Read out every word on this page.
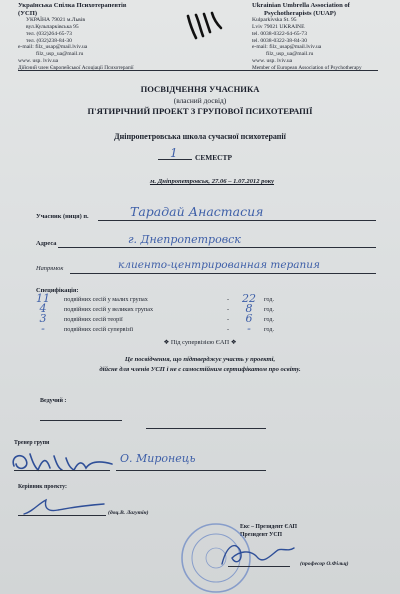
Українська Спілка Психотерапевтів
(УСП)
УКРАЇНА 79021 м.Львів
вул.Кульпарківська 95
тел. (032)264-65-73
тел. (032)238-84-30
e-mail: filz_usap@mail.lviv.ua
filz_usp_ua@mail.ru
www. usp. lviv.ua
Дійсний член Європейської Асоціації Психотерапії
Ukrainian Umbrella Association of
Psychotherapists (UUAP)
Kulparkivska St. 95
Lviv 79021 UKRAINE
tel. 0038-0322-64-65-73
tel. 0038-0322-38-84-30
e-mail: filz_usap@mail.lviv.ua
filz_usp_ua@mail.ru
www. usp. lviv.ua
Member of European Association of Psychotherapy
ПОСВІДЧЕННЯ УЧАСНИКА
(власний досвід)
П'ЯТИРІЧНИЙ ПРОЕКТ З ГРУПОВОЇ ПСИХОТЕРАПІЇ
Дніпропетровська школа сучасної психотерапії
1 СЕМЕСТР
м. Дніпропетровськ, 27.06 – 1.07.2012 року
Учасник (ниця) п.	Тарадай Анастасия
Адреса	г. Днепропетровск
Напрямок	клиенто-центрированная терапия
Специфікація:
11 подвійних сесій у малих групах	-	22	год.
4	подвійних сесій у великих групах	-	8	год.
3	подвійних сесій теорії	-	6	год.
-	подвійних сесій супервізії	-	-	год.
❖ Під супервізією ЄАП ❖
Це посвідчення, що підтверджує участь у проекті,
дійсне для членів УСП і не є самостійним сертифікатом про освіту.
Ведучий :
Тренер групи
О. Миронець
Керівник проекту:
(доц.В. Лагутін)
Екс – Президент ЄАП
Президент УСП
(професор О.Фільц)
